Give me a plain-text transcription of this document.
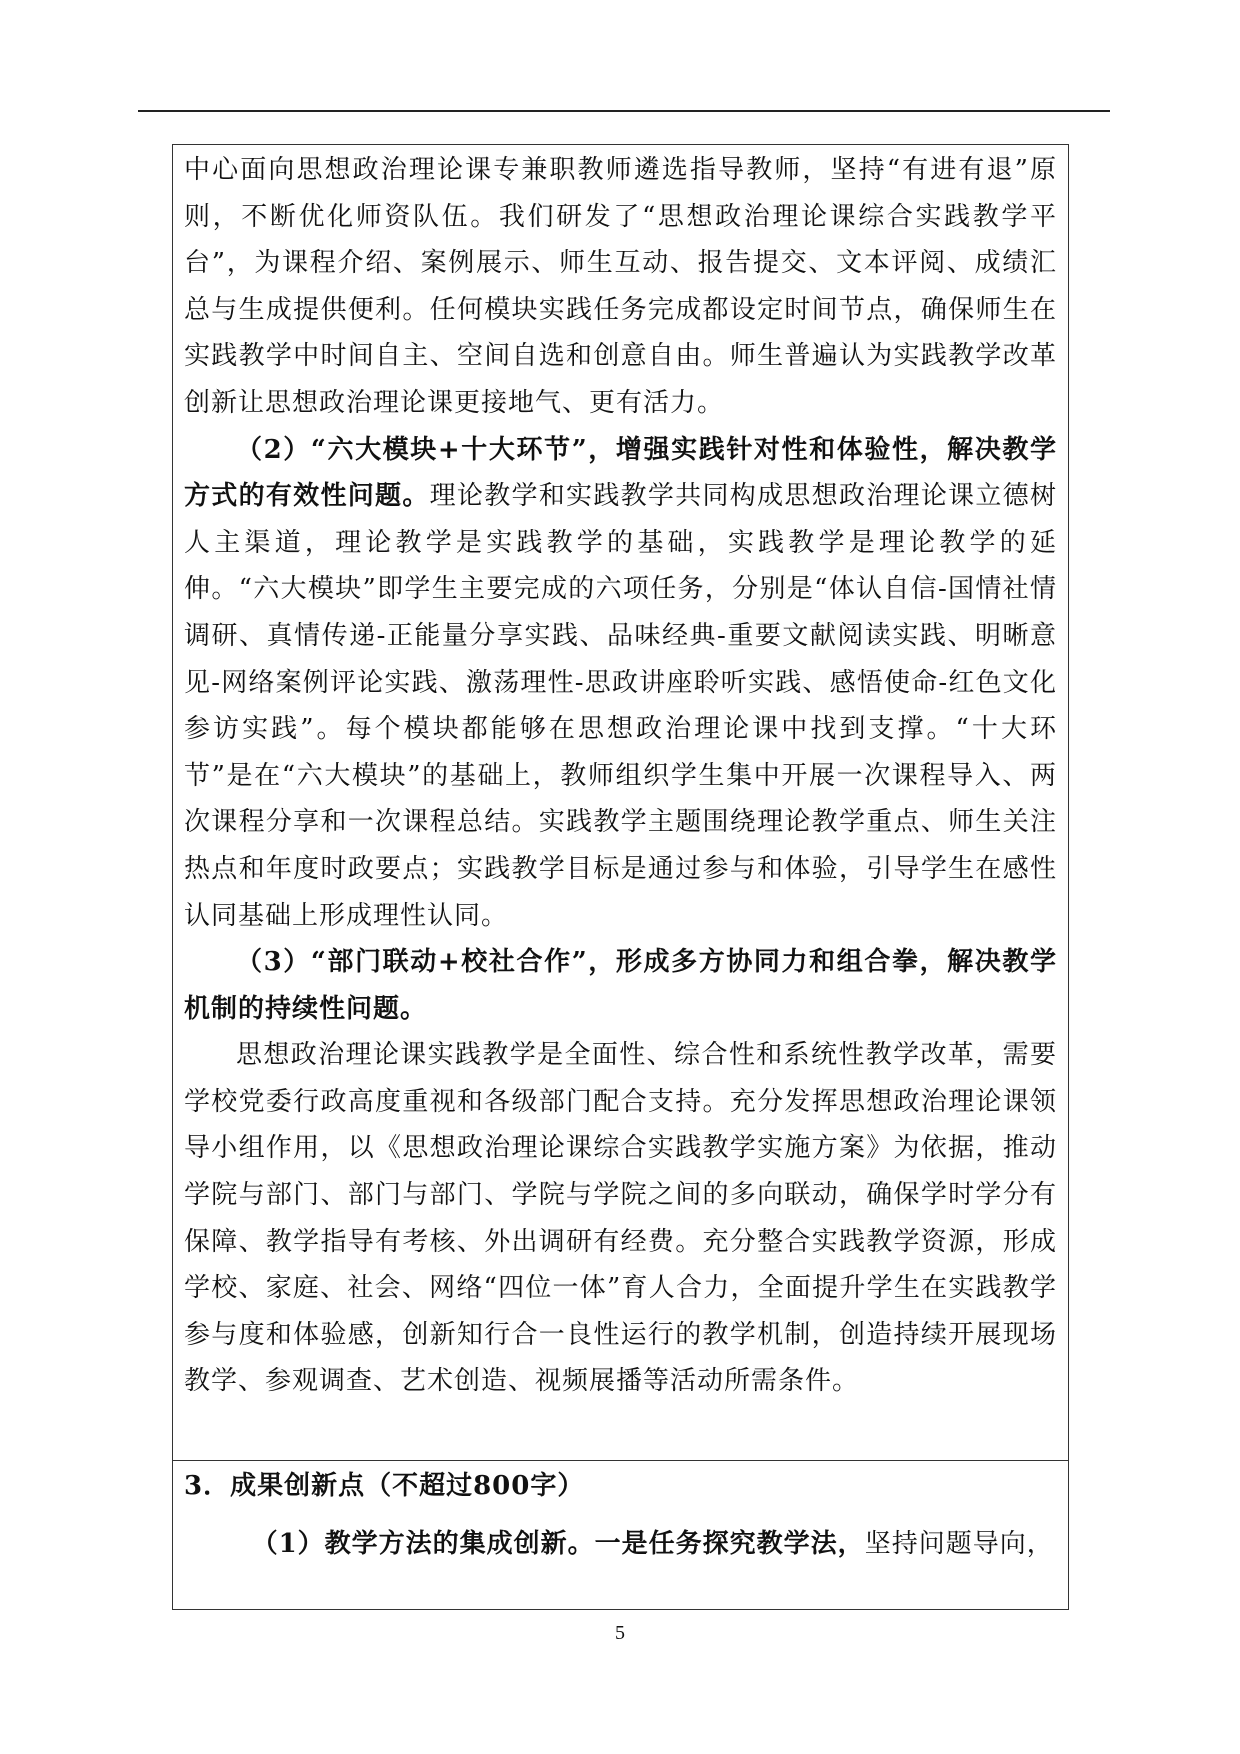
中心面向思想政治理论课专兼职教师遴选指导教师，坚持“有进有退”原则，不断优化师资队伍。我们研发了“思想政治理论课综合实践教学平台”，为课程介绍、案例展示、师生互动、报告提交、文本评阅、成绩汇总与生成提供便利。任何模块实践任务完成都设定时间节点，确保师生在实践教学中时间自主、空间自选和创意自由。师生普遍认为实践教学改革创新让思想政治理论课更接地气、更有活力。

（2）“六大模块+十大环节”，增强实践针对性和体验性，解决教学方式的有效性问题。理论教学和实践教学共同构成思想政治理论课立德树人主渠道，理论教学是实践教学的基础，实践教学是理论教学的延伸。“六大模块”即学生主要完成的六项任务，分别是“体认自信-国情社情调研、真情传递-正能量分享实践、品味经典-重要文献阅读实践、明晰意见-网络案例评论实践、激荡理性-思政讲座聆听实践、感悟使命-红色文化参访实践”。每个模块都能够在思想政治理论课中找到支撑。“十大环节”是在“六大模块”的基础上，教师组织学生集中开展一次课程导入、两次课程分享和一次课程总结。实践教学主题围绕理论教学重点、师生关注热点和年度时政要点；实践教学目标是通过参与和体验，引导学生在感性认同基础上形成理性认同。

（3）“部门联动+校社合作”，形成多方协同力和组合拳，解决教学机制的持续性问题。

思想政治理论课实践教学是全面性、综合性和系统性教学改革，需要学校党委行政高度重视和各级部门配合支持。充分发挥思想政治理论课领导小组作用，以《思想政治理论课综合实践教学实施方案》为依据，推动学院与部门、部门与部门、学院与学院之间的多向联动，确保学时学分有保障、教学指导有考核、外出调研有经费。充分整合实践教学资源，形成学校、家庭、社会、网络“四位一体”育人合力，全面提升学生在实践教学参与度和体验感，创新知行合一良性运行的教学机制，创造持续开展现场教学、参观调查、艺术创造、视频展播等活动所需条件。

3．成果创新点（不超过800字）

（1）教学方法的集成创新。一是任务探究教学法，坚持问题导向，

5
